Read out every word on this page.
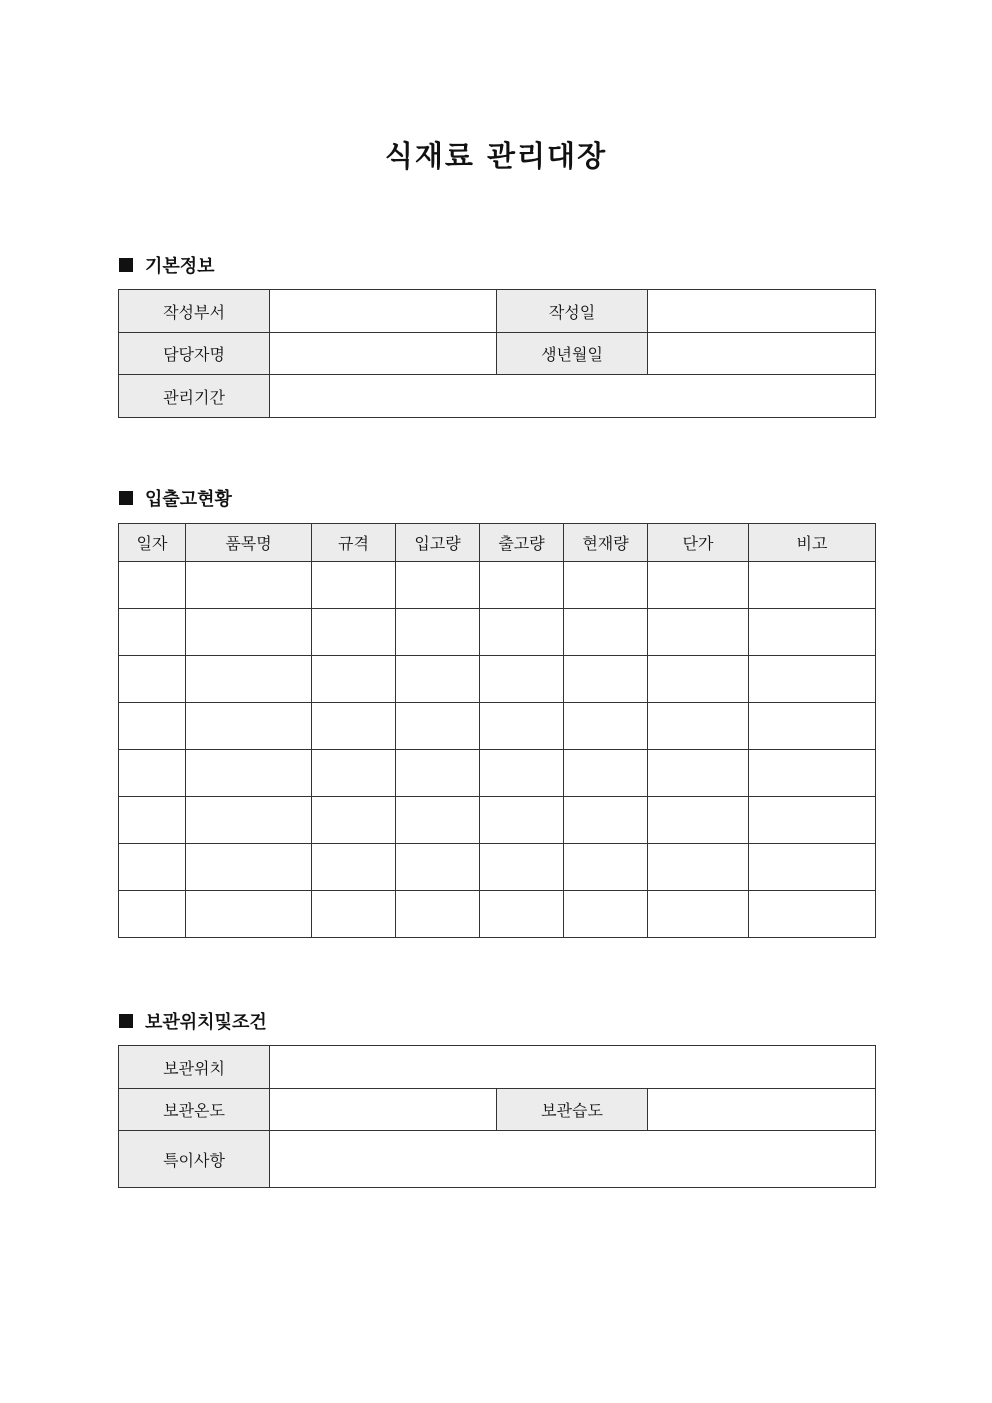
식재료 관리대장
기본정보
작성부서		작성일	
담당자명		생년월일	
관리기간			
입출고현황
일자	품목명	규격	입고량	출고량	현재량	단가	비고

보관위치및조건
보관위치			
보관온도		보관습도	
특이사항			
